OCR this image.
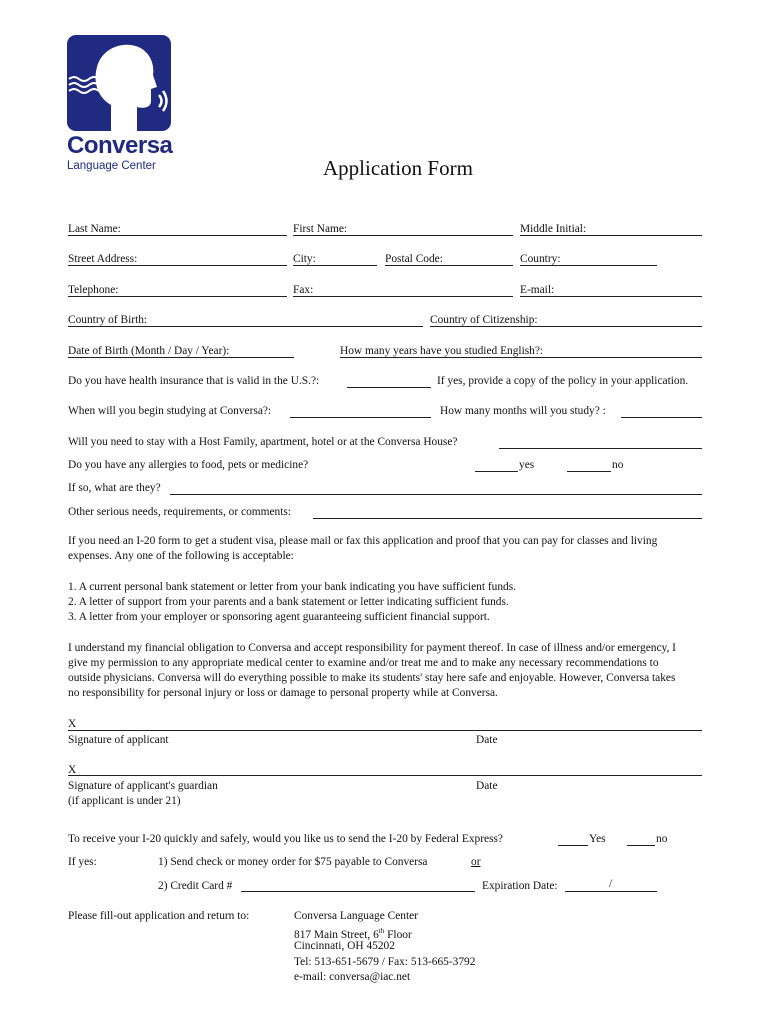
Conversa
Language Center	Application Form
Last Name:	First Name:	Middle Initial:
Street Address:	City:	Postal Code:	Country:
Telephone:	Fax:	E-mail:
Country of Birth:	Country of Citizenship:
Date of Birth (Month / Day / Year):	How many years have you studied English?:
Do you have health insurance that is valid in the U.S.?:	If yes, provide a copy of the policy in your application.
When will you begin studying at Conversa?:	How many months will you study? :
Will you need to stay with a Host Family, apartment, hotel or at the Conversa House?
Do you have any allergies to food, pets or medicine?	yes	no
If so, what are they?
Other serious needs, requirements, or comments:
If you need an I-20 form to get a student visa, please mail or fax this application and proof that you can pay for classes and living
expenses. Any one of the following is acceptable:
1. A current personal bank statement or letter from your bank indicating you have sufficient funds.
2. A letter of support from your parents and a bank statement or letter indicating sufficient funds.
3. A letter from your employer or sponsoring agent guaranteeing sufficient financial support.
I understand my financial obligation to Conversa and accept responsibility for payment thereof. In case of illness and/or emergency, I
give my permission to any appropriate medical center to examine and/or treat me and to make any necessary recommendations to
outside physicians. Conversa will do everything possible to make its students' stay here safe and enjoyable. However, Conversa takes
no responsibility for personal injury or loss or damage to personal property while at Conversa.
X
Signature of applicant	Date
X
Signature of applicant's guardian	Date
(if applicant is under 21)
To receive your I-20 quickly and safely, would you like us to send the I-20 by Federal Express?	Yes	no
If yes:	1) Send check or money order for $75 payable to Conversa	or
2) Credit Card #	Expiration Date:	/
Please fill-out application and return to:	Conversa Language Center
817 Main Street, 6th Floor
Cincinnati, OH 45202
Tel: 513-651-5679 / Fax: 513-665-3792
e-mail: conversa@iac.net
